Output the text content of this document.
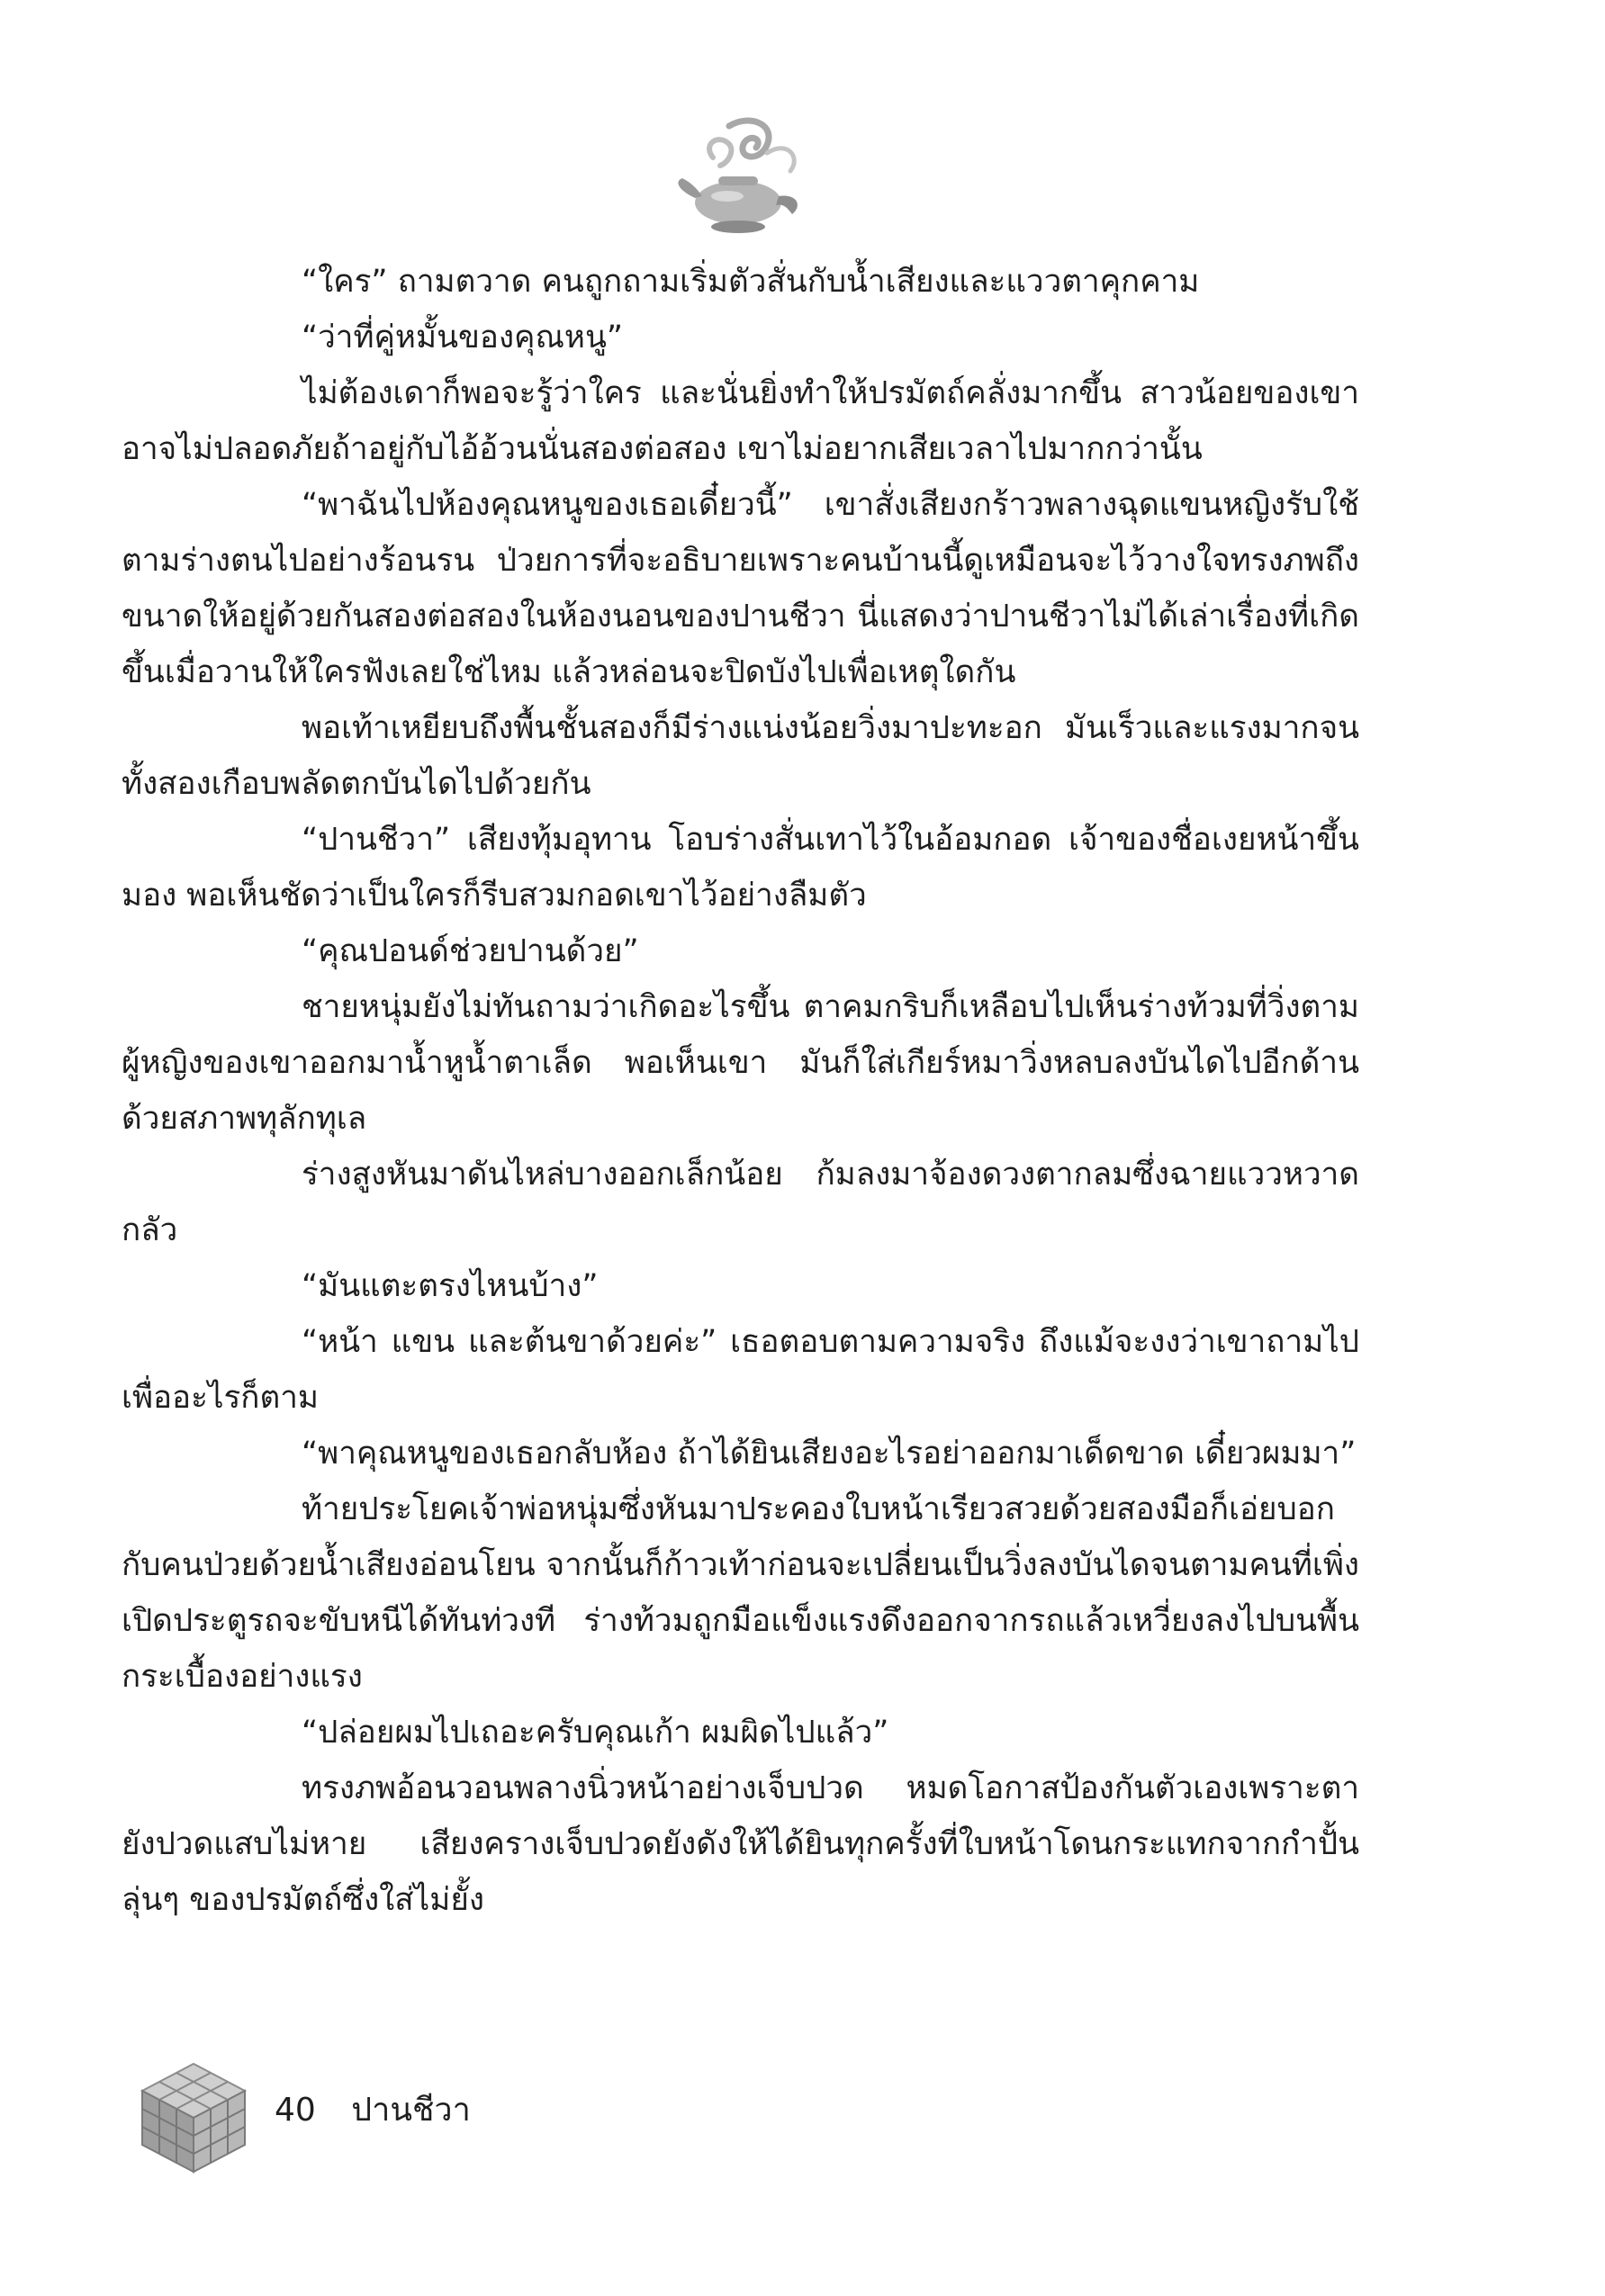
“ใคร” ถามตวาด คนถูกถามเริ่มตัวสั่นกับน้ำเสียงและแววตาคุกคาม

“ว่าที่คู่หมั้นของคุณหนู”

ไม่ต้องเดาก็พอจะรู้ว่าใคร และนั่นยิ่งทำให้ปรมัตถ์คลั่งมากขึ้น สาวน้อยของเขาอาจไม่ปลอดภัยถ้าอยู่กับไอ้อ้วนนั่นสองต่อสอง เขาไม่อยากเสียเวลาไปมากกว่านั้น

“พาฉันไปห้องคุณหนูของเธอเดี๋ยวนี้” เขาสั่งเสียงกร้าวพลางฉุดแขนหญิงรับใช้ตามร่างตนไปอย่างร้อนรน ป่วยการที่จะอธิบายเพราะคนบ้านนี้ดูเหมือนจะไว้วางใจทรงภพถึงขนาดให้อยู่ด้วยกันสองต่อสองในห้องนอนของปานชีวา นี่แสดงว่าปานชีวาไม่ได้เล่าเรื่องที่เกิดขึ้นเมื่อวานให้ใครฟังเลยใช่ไหม แล้วหล่อนจะปิดบังไปเพื่อเหตุใดกัน

พอเท้าเหยียบถึงพื้นชั้นสองก็มีร่างแน่งน้อยวิ่งมาปะทะอก มันเร็วและแรงมากจนทั้งสองเกือบพลัดตกบันไดไปด้วยกัน

“ปานชีวา” เสียงทุ้มอุทาน โอบร่างสั่นเทาไว้ในอ้อมกอด เจ้าของชื่อเงยหน้าขึ้นมอง พอเห็นชัดว่าเป็นใครก็รีบสวมกอดเขาไว้อย่างลืมตัว

“คุณปอนด์ช่วยปานด้วย”

ชายหนุ่มยังไม่ทันถามว่าเกิดอะไรขึ้น ตาคมกริบก็เหลือบไปเห็นร่างท้วมที่วิ่งตามผู้หญิงของเขาออกมาน้ำหูน้ำตาเล็ด พอเห็นเขา มันก็ใส่เกียร์หมาวิ่งหลบลงบันไดไปอีกด้านด้วยสภาพทุลักทุเล

ร่างสูงหันมาดันไหล่บางออกเล็กน้อย ก้มลงมาจ้องดวงตากลมซึ่งฉายแววหวาดกลัว

“มันแตะตรงไหนบ้าง”

“หน้า แขน และต้นขาด้วยค่ะ” เธอตอบตามความจริง ถึงแม้จะงงว่าเขาถามไปเพื่ออะไรก็ตาม

“พาคุณหนูของเธอกลับห้อง ถ้าได้ยินเสียงอะไรอย่าออกมาเด็ดขาด เดี๋ยวผมมา”

ท้ายประโยคเจ้าพ่อหนุ่มซึ่งหันมาประคองใบหน้าเรียวสวยด้วยสองมือก็เอ่ยบอกกับคนป่วยด้วยน้ำเสียงอ่อนโยน จากนั้นก็ก้าวเท้าก่อนจะเปลี่ยนเป็นวิ่งลงบันไดจนตามคนที่เพิ่งเปิดประตูรถจะขับหนีได้ทันท่วงที ร่างท้วมถูกมือแข็งแรงดึงออกจากรถแล้วเหวี่ยงลงไปบนพื้นกระเบื้องอย่างแรง

“ปล่อยผมไปเถอะครับคุณเก้า ผมผิดไปแล้ว”

ทรงภพอ้อนวอนพลางนิ่วหน้าอย่างเจ็บปวด หมดโอกาสป้องกันตัวเองเพราะตายังปวดแสบไม่หาย เสียงครางเจ็บปวดยังดังให้ได้ยินทุกครั้งที่ใบหน้าโดนกระแทกจากกำปั้นลุ่นๆ ของปรมัตถ์ซึ่งใส่ไม่ยั้ง

40 ปานชีวา
